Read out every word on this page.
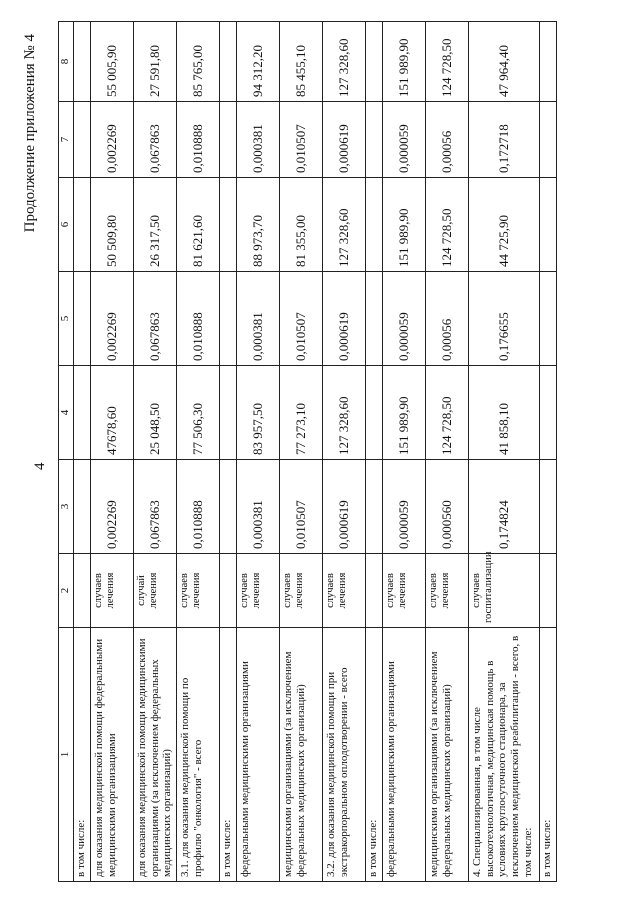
4
Продолжение приложения № 4
1	2	3	4	5	6	7	8
в том числе:							
для оказания медицинской помощи федеральными медицинскими организациями	случаев лечения	0,002269	47678,60	0,002269	50 509,80	0,002269	55 005,90
для оказания медицинской помощи медицинскими организациями (за исключением федеральных медицинских организаций)	случай лечения	0,067863	25 048,50	0,067863	26 317,50	0,067863	27 591,80
3.1. для оказания медицинской помощи по профилю "онкология" - всего	случаев лечения	0,010888	77 506,30	0,010888	81 621,60	0,010888	85 765,00
в том числе:							
федеральными медицинскими организациями	случаев лечения	0,000381	83 957,50	0,000381	88 973,70	0,000381	94 312,20
медицинскими организациями (за исключением федеральных медицинских организаций)	случаев лечения	0,010507	77 273,10	0,010507	81 355,00	0,010507	85 455,10
3.2. для оказания медицинской помощи при экстракорпоральном оплодотворении - всего	случаев лечения	0,000619	127 328,60	0,000619	127 328,60	0,000619	127 328,60
в том числе:							
федеральными медицинскими организациями	случаев лечения	0,000059	151 989,90	0,000059	151 989,90	0,000059	151 989,90
медицинскими организациями (за исключением федеральных медицинских организаций)	случаев лечения	0,000560	124 728,50	0,00056	124 728,50	0,00056	124 728,50
4. Специализированная, в том числе высокотехнологичная, медицинская помощь в условиях круглосуточного стационара, за исключением медицинской реабилитации - всего, в том числе:	случаев госпитализации	0,174824	41 858,10	0,176655	44 725,90	0,172718	47 964,40
в том числе:							
